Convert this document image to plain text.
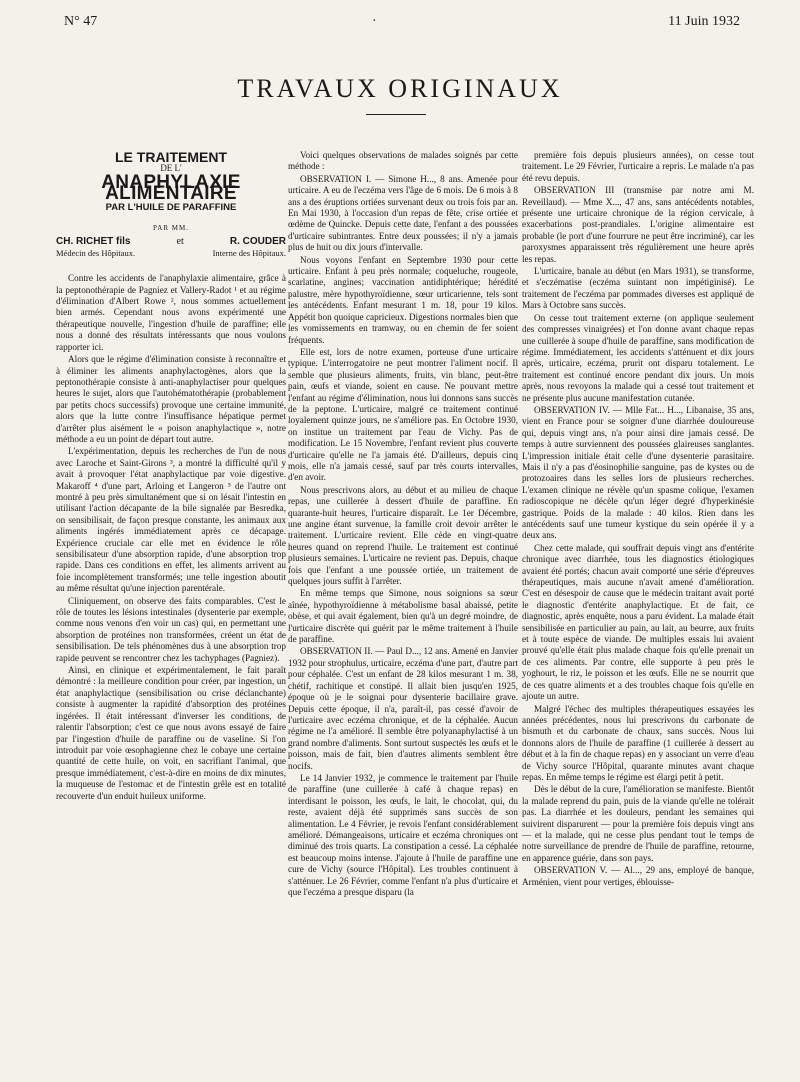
N° 47	·	11 Juin 1932
TRAVAUX ORIGINAUX
LE TRAITEMENT
DE L'
ANAPHYLAXIE ALIMENTAIRE
PAR L'HUILE DE PARAFFINE
PAR MM.
CH. RICHET fils	et	R. COUDER
Médecin des Hôpitaux.	Interne des Hôpitaux.

Contre les accidents de l'anaphylaxie alimentaire, grâce à la peptonothérapie de Pagniez et Vallery-Radot ¹ et au régime d'élimination d'Albert Rowe ², nous sommes actuellement bien armés. Cependant nous avons expérimenté une thérapeutique nouvelle, l'ingestion d'huile de paraffine; elle nous a donné des résultats intéressants que nous voulons rapporter ici.

Alors que le régime d'élimination consiste à reconnaître et à éliminer les aliments anaphylactogènes, alors que la peptonothérapie consiste à anti-anaphylactiser pour quelques heures le sujet, alors que l'autohématothérapie (probablement par petits chocs successifs) provoque une certaine immunité, alors que la lutte contre l'insuffisance hépatique permet d'arrêter plus aisément le « poison anaphylactique », notre méthode a eu un point de départ tout autre.

L'expérimentation, depuis les recherches de l'un de nous avec Laroche et Saint-Girons ³, a montré la difficulté qu'il y avait à provoquer l'état anaphylactique par voie digestive. Makaroff ⁴ d'une part, Arloing et Langeron ⁵ de l'autre ont montré à peu près simultanément que si on lésait l'intestin en utilisant l'action décapante de la bile signalée par Besredka, on sensibilisait, de façon presque constante, les animaux aux aliments ingérés immédiatement après ce décapage. Expérience cruciale car elle met en évidence le rôle sensibilisateur d'une absorption rapide, d'une absorption trop rapide. Dans ces conditions en effet, les aliments arrivent au foie incomplètement transformés; une telle ingestion aboutit au même résultat qu'une injection parentérale.

Cliniquement, on observe des faits comparables. C'est le rôle de toutes les lésions intestinales (dysenterie par exemple, comme nous venons d'en voir un cas) qui, en permettant une absorption de protéines non transformées, créent un état de sensibilisation. De tels phénomènes dus à une absorption trop rapide peuvent se rencontrer chez les tachyphages (Pagniez).

Ainsi, en clinique et expérimentalement, le fait paraît démontré : la meilleure condition pour créer, par ingestion, un état anaphylactique (sensibilisation ou crise déclanchante) consiste à augmenter la rapidité d'absorption des protéines ingérées. Il était intéressant d'inverser les conditions, de ralentir l'absorption; c'est ce que nous avons essayé de faire par l'ingestion d'huile de paraffine ou de vaseline. Si l'on introduit par voie œsophagienne chez le cobaye une certaine quantité de cette huile, on voit, en sacrifiant l'animal, que presque immédiatement, c'est-à-dire en moins de dix minutes, la muqueuse de l'estomac et de l'intestin grêle est en totalité recouverte d'un enduit huileux uniforme.

Voici quelques observations de malades soignés par cette méthode :

OBSERVATION I. — Simone H..., 8 ans. Amenée pour urticaire. A eu de l'eczéma vers l'âge de 6 mois. De 6 mois à 8 ans a des éruptions ortiées survenant deux ou trois fois par an. En Mai 1930, à l'occasion d'un repas de fête, crise ortiée et œdème de Quincke. Depuis cette date, l'enfant a des poussées d'urticaire subintrantes. Entre deux poussées; il n'y a jamais plus de huit ou dix jours d'intervalle.

Nous voyons l'enfant en Septembre 1930 pour cette urticaire. Enfant à peu près normale; coqueluche, rougeole, scarlatine, angines; vaccination antidiphtérique; hérédité palustre, mère hypothyroïdienne, sœur urticarienne, tels sont les antécédents. Enfant mesurant 1 m. 18, pour 19 kilos. Appétit bon quoique capricieux. Digestions normales bien que les vomissements en tramway, ou en chemin de fer soient fréquents.

Elle est, lors de notre examen, porteuse d'une urticaire typique. L'interrogatoire ne peut montrer l'aliment nocif. Il semble que plusieurs aliments, fruits, vin blanc, peut-être pain, œufs et viande, soient en cause. Ne pouvant mettre l'enfant au régime d'élimination, nous lui donnons sans succès de la peptone. L'urticaire, malgré ce traitement continué loyalement quinze jours, ne s'améliore pas. En Octobre 1930, on institue un traitement par l'eau de Vichy. Pas de modification. Le 15 Novembre, l'enfant revient plus couverte d'urticaire qu'elle ne l'a jamais été. D'ailleurs, depuis cinq mois, elle n'a jamais cessé, sauf par très courts intervalles, d'en avoir.

Nous prescrivons alors, au début et au milieu de chaque repas, une cuillerée à dessert d'huile de paraffine. En quarante-huit heures, l'urticaire disparaît. Le 1er Décembre, une angine étant survenue, la famille croit devoir arrêter le traitement. L'urticaire revient. Elle cède en vingt-quatre heures quand on reprend l'huile. Le traitement est continué plusieurs semaines. L'urticaire ne revient pas. Depuis, chaque fois que l'enfant a une poussée ortiée, un traitement de quelques jours suffit à l'arrêter.

En même temps que Simone, nous soignions sa sœur aînée, hypothyroïdienne à métabolisme basal abaissé, petite obèse, et qui avait également, bien qu'à un degré moindre, de l'urticaire discrète qui guérit par le même traitement à l'huile de paraffine.

OBSERVATION II. — Paul D..., 12 ans. Amené en Janvier 1932 pour strophulus, urticaire, eczéma d'une part, d'autre part pour céphalée. C'est un enfant de 28 kilos mesurant 1 m. 38, chétif, rachitique et constipé. Il allait bien jusqu'en 1925, époque où je le soignai pour dysenterie bacillaire grave. Depuis cette époque, il n'a, paraît-il, pas cessé d'avoir de l'urticaire avec eczéma chronique, et de la céphalée. Aucun régime ne l'a amélioré. Il semble être polyanaphylactisé à un grand nombre d'aliments. Sont surtout suspectés les œufs et le poisson, mais de fait, bien d'autres aliments semblent être nocifs.

Le 14 Janvier 1932, je commence le traitement par l'huile de paraffine (une cuillerée à café à chaque repas) en interdisant le poisson, les œufs, le lait, le chocolat, qui, du reste, avaient déjà été supprimés sans succès de son alimentation. Le 4 Février, je revois l'enfant considérablement amélioré. Démangeaisons, urticaire et eczéma chroniques ont diminué des trois quarts. La constipation a cessé. La céphalée est beaucoup moins intense. J'ajoute à l'huile de paraffine une cure de Vichy (source l'Hôpital). Les troubles continuent à s'atténuer. Le 26 Février, comme l'enfant n'a plus d'urticaire et que l'eczéma a presque disparu (la

première fois depuis plusieurs années), on cesse tout traitement. Le 29 Février, l'urticaire a repris. Le malade n'a pas été revu depuis.

OBSERVATION III (transmise par notre ami M. Reveillaud). — Mme X..., 47 ans, sans antécédents notables, présente une urticaire chronique de la région cervicale, à exacerbations post-prandiales. L'origine alimentaire est probable (le port d'une fourrure ne peut être incriminé), car les paroxysmes apparaissent très régulièrement une heure après les repas.

L'urticaire, banale au début (en Mars 1931), se transforme, et s'eczématise (eczéma suintant non impétiginisé). Le traitement de l'eczéma par pommades diverses est appliqué de Mars à Octobre sans succès.

On cesse tout traitement externe (on applique seulement des compresses vinaigrées) et l'on donne avant chaque repas une cuillerée à soupe d'huile de paraffine, sans modification de régime. Immédiatement, les accidents s'atténuent et dix jours après, urticaire, eczéma, prurit ont disparu totalement. Le traitement est continué encore pendant dix jours. Un mois après, nous revoyons la malade qui a cessé tout traitement et ne présente plus aucune manifestation cutanée.

OBSERVATION IV. — Mlle Fat... H..., Libanaise, 35 ans, vient en France pour se soigner d'une diarrhée douloureuse qui, depuis vingt ans, n'a pour ainsi dire jamais cessé. De temps à autre surviennent des poussées glaireuses sanglantes. L'impression initiale était celle d'une dysenterie parasitaire. Mais il n'y a pas d'éosinophilie sanguine, pas de kystes ou de protozoaires dans les selles lors de plusieurs recherches. L'examen clinique ne révèle qu'un spasme colique, l'examen radioscopique ne décèle qu'un léger degré d'hyperkinésie gastrique. Poids de la malade : 40 kilos. Rien dans les antécédents sauf une tumeur kystique du sein opérée il y a deux ans.

Chez cette malade, qui souffrait depuis vingt ans d'entérite chronique avec diarrhée, tous les diagnostics étiologiques avaient été portés; chacun avait comporté une série d'épreuves thérapeutiques, mais aucune n'avait amené d'amélioration. C'est en désespoir de cause que le médecin traitant avait porté le diagnostic d'entérite anaphylactique. Et de fait, ce diagnostic, après enquête, nous a paru évident. La malade était sensibilisée en particulier au pain, au lait, au beurre, aux fruits et à toute espèce de viande. De multiples essais lui avaient prouvé qu'elle était plus malade chaque fois qu'elle prenait un de ces aliments. Par contre, elle supporte à peu près le yoghourt, le riz, le poisson et les œufs. Elle ne se nourrit que de ces quatre aliments et a des troubles chaque fois qu'elle en ajoute un autre.

Malgré l'échec des multiples thérapeutiques essayées les années précédentes, nous lui prescrivons du carbonate de bismuth et du carbonate de chaux, sans succès. Nous lui donnons alors de l'huile de paraffine (1 cuillerée à dessert au début et à la fin de chaque repas) en y associant un verre d'eau de Vichy source l'Hôpital, quarante minutes avant chaque repas. En même temps le régime est élargi petit à petit.

Dès le début de la cure, l'amélioration se manifeste. Bientôt la malade reprend du pain, puis de la viande qu'elle ne tolérait pas. La diarrhée et les douleurs, pendant les semaines qui suivirent disparurent — pour la première fois depuis vingt ans — et la malade, qui ne cesse plus pendant tout le temps de notre surveillance de prendre de l'huile de paraffine, retourne, en apparence guérie, dans son pays.

OBSERVATION V. — Al..., 29 ans, employé de banque, Arménien, vient pour vertiges, éblouisse-
